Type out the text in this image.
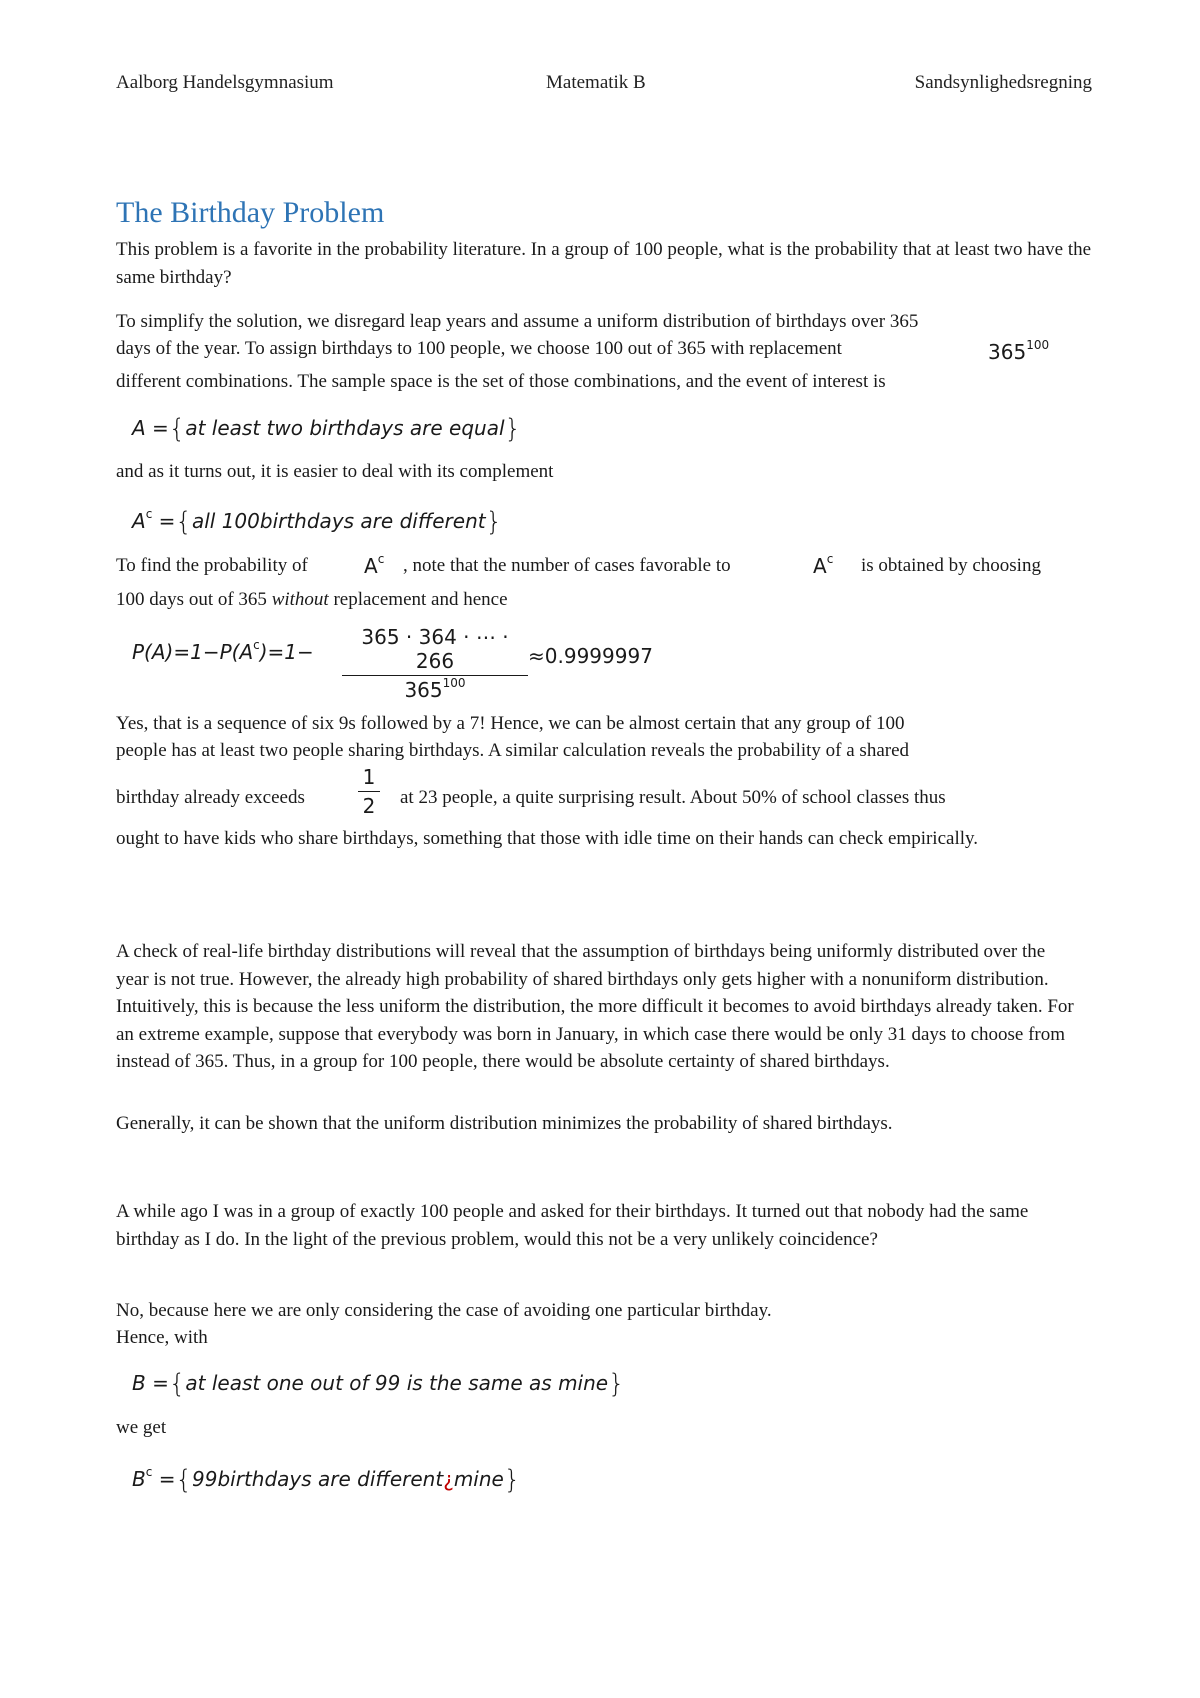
Aalborg Handelsgymnasium	Matematik B	Sandsynlighedsregning
The Birthday Problem

This problem is a favorite in the probability literature. In a group of 100 people, what is the probability that at least two have the same birthday?

To simplify the solution, we disregard leap years and assume a uniform distribution of birthdays over 365

days of the year. To assign birthdays to 100 people, we choose 100 out of 365 with replacement	$365^{100}$

different combinations. The sample space is the set of those combinations, and the event of interest is

A ={at least two birthdays are equal}

and as it turns out, it is easier to deal with its complement

$A^c =\{all$ 100birthdays are different}

To find the probability of	$A^c$ , note that the number of cases favorable to	$A^c$ is obtained by choosing

100 days out of 365 without replacement and hence

$P(A)=1-P(A^c)=1-$
365 · 364 · ⋯ · 266
$365^{100}$
≈0.9999997

Yes, that is a sequence of six 9s followed by a 7! Hence, we can be almost certain that any group of 100

people has at least two people sharing birthdays. A similar calculation reveals the probability of a shared

birthday already exceeds

1
2 at 23 people, a quite surprising result. About 50% of school classes thus

ought to have kids who share birthdays, something that those with idle time on their hands can check empirically.

A check of real-life birthday distributions will reveal that the assumption of birthdays being uniformly distributed over the year is not true. However, the already high probability of shared birthdays only gets higher with a nonuniform distribution. Intuitively, this is because the less uniform the distribution, the more difficult it becomes to avoid birthdays already taken. For an extreme example, suppose that everybody was born in January, in which case there would be only 31 days to choose from instead of 365. Thus, in a group for 100 people, there would be absolute certainty of shared birthdays.

Generally, it can be shown that the uniform distribution minimizes the probability of shared birthdays.

A while ago I was in a group of exactly 100 people and asked for their birthdays. It turned out that nobody had the same birthday as I do. In the light of the previous problem, would this not be a very unlikely coincidence?

No, because here we are only considering the case of avoiding one particular birthday.

Hence, with

B ={at least one out of 99 is the same as mine}

we get

$B^c$ ={99birthdays are different¿mine}
